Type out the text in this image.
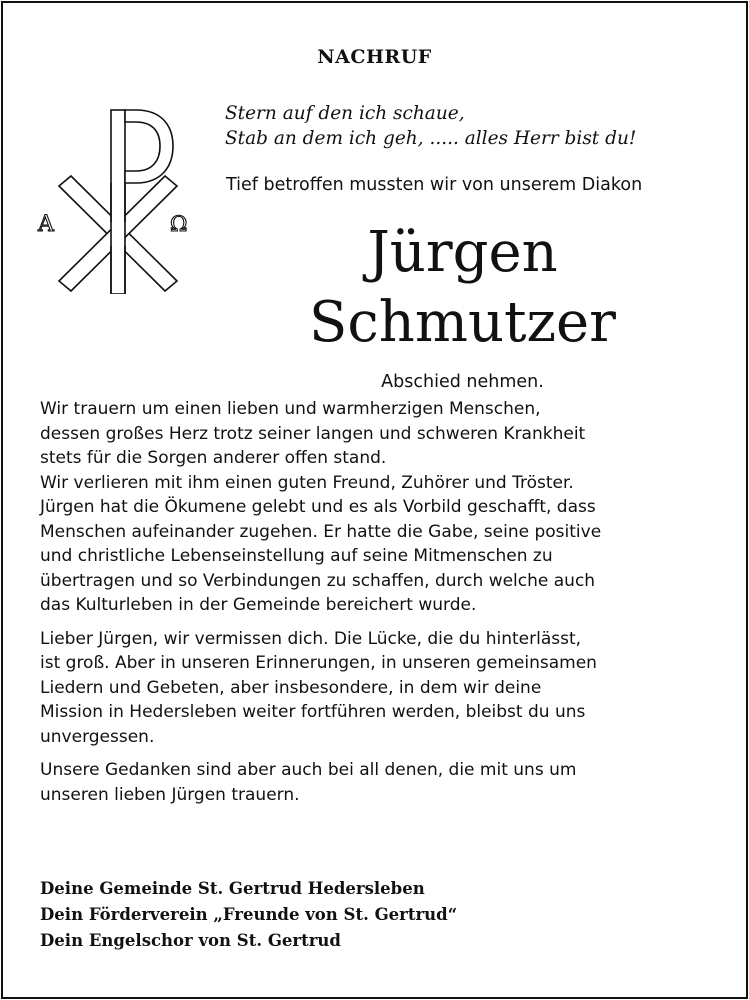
NACHRUF
A	Ω
Stern auf den ich schaue,
Stab an dem ich geh, ..... alles Herr bist du!
Tief betroffen mussten wir von unserem Diakon
Jürgen
Schmutzer
Abschied nehmen.

Wir trauern um einen lieben und warmherzigen Menschen,
dessen großes Herz trotz seiner langen und schweren Krankheit
stets für die Sorgen anderer offen stand.
Wir verlieren mit ihm einen guten Freund, Zuhörer und Tröster.
Jürgen hat die Ökumene gelebt und es als Vorbild geschafft, dass
Menschen aufeinander zugehen. Er hatte die Gabe, seine positive
und christliche Lebenseinstellung auf seine Mitmenschen zu
übertragen und so Verbindungen zu schaffen, durch welche auch
das Kulturleben in der Gemeinde bereichert wurde.

Lieber Jürgen, wir vermissen dich. Die Lücke, die du hinterlässt,
ist groß. Aber in unseren Erinnerungen, in unseren gemeinsamen
Liedern und Gebeten, aber insbesondere, in dem wir deine
Mission in Hedersleben weiter fortführen werden, bleibst du uns
unvergessen.

Unsere Gedanken sind aber auch bei all denen, die mit uns um
unseren lieben Jürgen trauern.

Deine Gemeinde St. Gertrud Hedersleben
Dein Förderverein „Freunde von St. Gertrud“
Dein Engelschor von St. Gertrud
